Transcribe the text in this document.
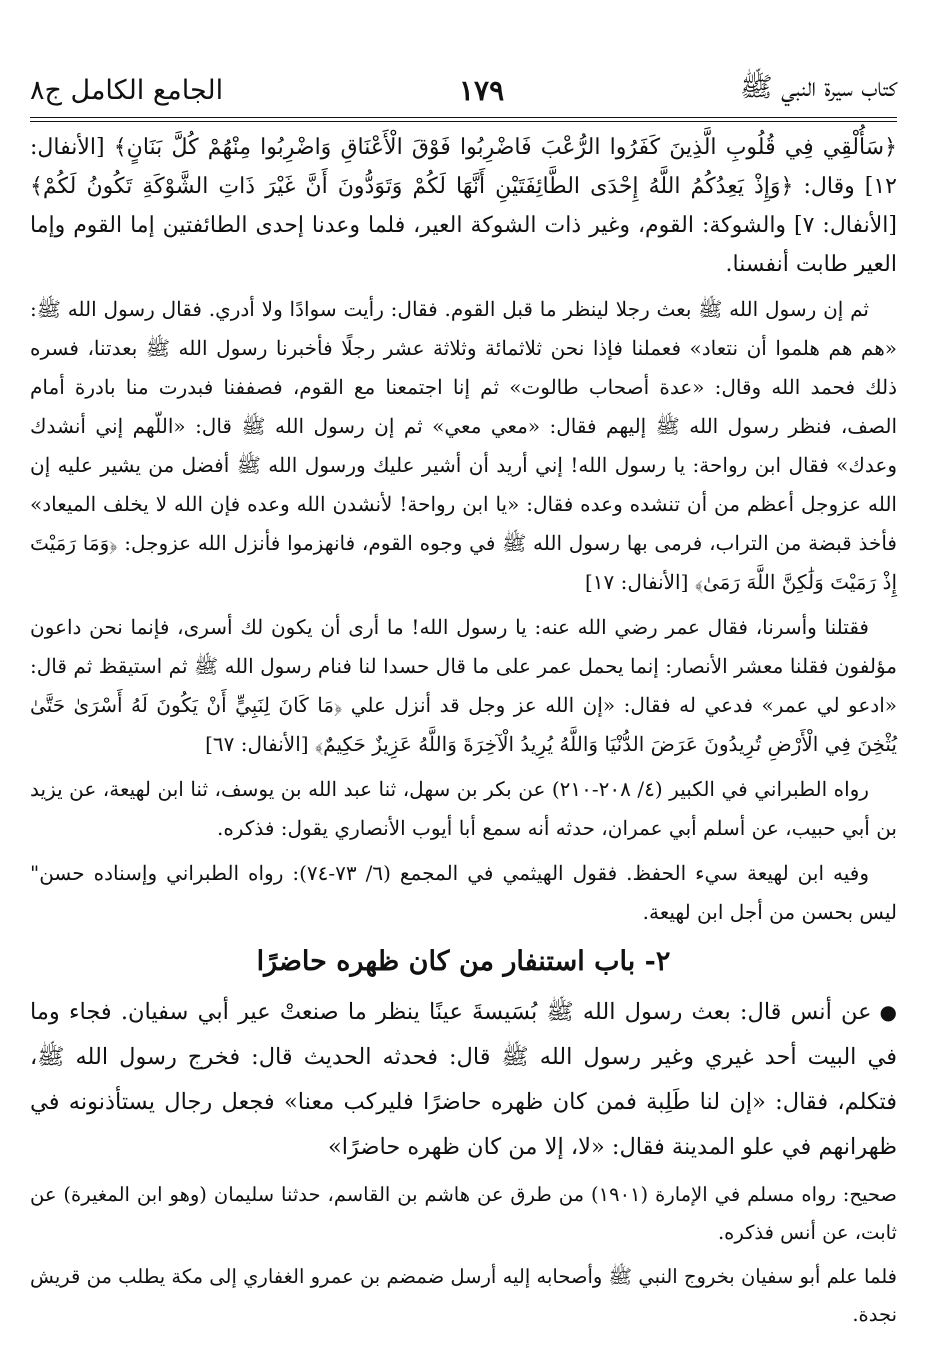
كتاب سيرة النبي ﷺ
١٧٩
الجامع الكامل ج٨

﴿سَأُلْقِي فِي قُلُوبِ الَّذِينَ كَفَرُوا الرُّعْبَ فَاضْرِبُوا فَوْقَ الْأَعْنَاقِ وَاضْرِبُوا مِنْهُمْ كُلَّ بَنَانٍ﴾ [الأنفال: ١٢] وقال: ﴿وَإِذْ يَعِدُكُمُ اللَّهُ إِحْدَى الطَّائِفَتَيْنِ أَنَّهَا لَكُمْ وَتَوَدُّونَ أَنَّ غَيْرَ ذَاتِ الشَّوْكَةِ تَكُونُ لَكُمْ﴾ [الأنفال: ٧] والشوكة: القوم، وغير ذات الشوكة العير، فلما وعدنا إحدى الطائفتين إما القوم وإما العير طابت أنفسنا.

ثم إن رسول الله ﷺ بعث رجلا لينظر ما قبل القوم. فقال: رأيت سوادًا ولا أدري. فقال رسول الله ﷺ: «هم هم هلموا أن نتعاد» فعملنا فإذا نحن ثلاثمائة وثلاثة عشر رجلًا فأخبرنا رسول الله ﷺ بعدتنا، فسره ذلك فحمد الله وقال: «عدة أصحاب طالوت» ثم إنا اجتمعنا مع القوم، فصففنا فبدرت منا بادرة أمام الصف، فنظر رسول الله ﷺ إليهم فقال: «معي معي» ثم إن رسول الله ﷺ قال: «اللّهم إني أنشدك وعدك» فقال ابن رواحة: يا رسول الله! إني أريد أن أشير عليك ورسول الله ﷺ أفضل من يشير عليه إن الله عزوجل أعظم من أن تنشده وعده فقال: «يا ابن رواحة! لأنشدن الله وعده فإن الله لا يخلف الميعاد» فأخذ قبضة من التراب، فرمى بها رسول الله ﷺ في وجوه القوم، فانهزموا فأنزل الله عزوجل: ﴿وَمَا رَمَيْتَ إِذْ رَمَيْتَ وَلَٰكِنَّ اللَّهَ رَمَىٰ﴾ [الأنفال: ١٧]

فقتلنا وأسرنا، فقال عمر رضي الله عنه: يا رسول الله! ما أرى أن يكون لك أسرى، فإنما نحن داعون مؤلفون فقلنا معشر الأنصار: إنما يحمل عمر على ما قال حسدا لنا فنام رسول الله ﷺ ثم استيقظ ثم قال: «ادعو لي عمر» فدعي له فقال: «إن الله عز وجل قد أنزل علي ﴿مَا كَانَ لِنَبِيٍّ أَنْ يَكُونَ لَهُ أَسْرَىٰ حَتَّىٰ يُثْخِنَ فِي الْأَرْضِ تُرِيدُونَ عَرَضَ الدُّنْيَا وَاللَّهُ يُرِيدُ الْآخِرَةَ وَاللَّهُ عَزِيزٌ حَكِيمٌ﴾ [الأنفال: ٦٧]

رواه الطبراني في الكبير (٤/ ٢٠٨-٢١٠) عن بكر بن سهل، ثنا عبد الله بن يوسف، ثنا ابن لهيعة، عن يزيد بن أبي حبيب، عن أسلم أبي عمران، حدثه أنه سمع أبا أيوب الأنصاري يقول: فذكره.

وفيه ابن لهيعة سيء الحفظ. فقول الهيثمي في المجمع (٦/ ٧٣-٧٤): رواه الطبراني وإسناده حسن" ليس بحسن من أجل ابن لهيعة.

٢- باب استنفار من كان ظهره حاضرًا

●عن أنس قال: بعث رسول الله ﷺ بُسَيسةَ عينًا ينظر ما صنعتْ عير أبي سفيان. فجاء وما في البيت أحد غيري وغير رسول الله ﷺ قال: فحدثه الحديث قال: فخرج رسول الله ﷺ، فتكلم، فقال: «إن لنا طَلِبة فمن كان ظهره حاضرًا فليركب معنا» فجعل رجال يستأذنونه في ظهرانهم في علو المدينة فقال: «لا، إلا من كان ظهره حاضرًا»

صحيح: رواه مسلم في الإمارة (١٩٠١) من طرق عن هاشم بن القاسم، حدثنا سليمان (وهو ابن المغيرة) عن ثابت، عن أنس فذكره.

فلما علم أبو سفيان بخروج النبي ﷺ وأصحابه إليه أرسل ضمضم بن عمرو الغفاري إلى مكة يطلب من قريش نجدة.
